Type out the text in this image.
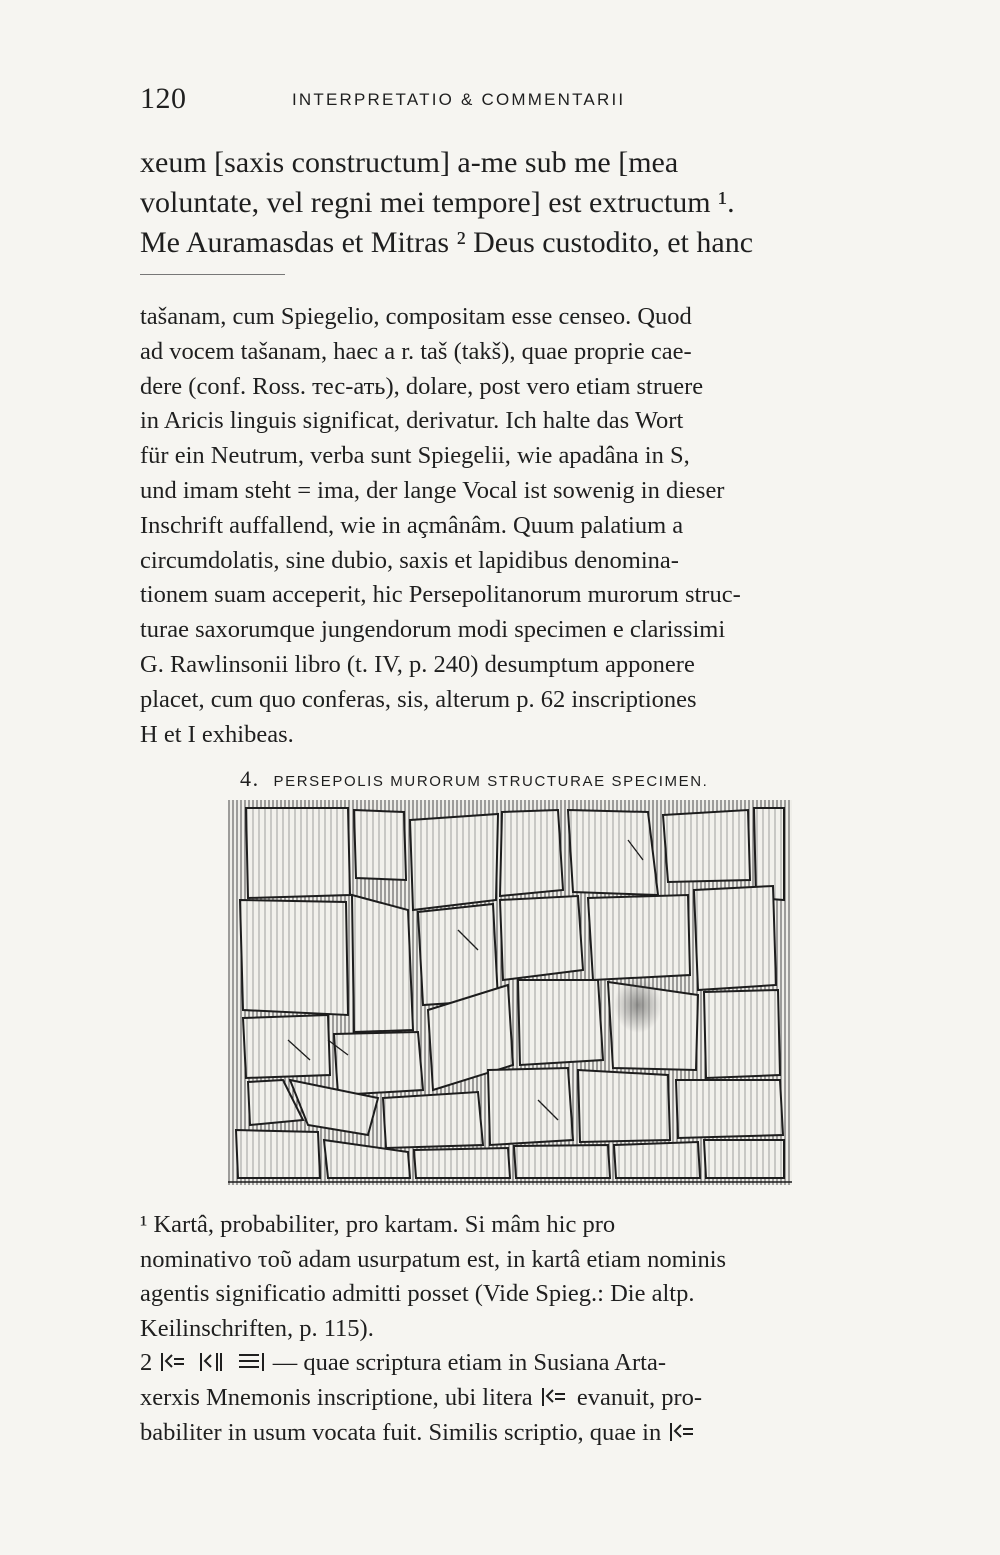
120	INTERPRETATIO & COMMENTARII
xeum [saxis constructum] a-me sub me [mea
voluntate, vel regni mei tempore] est extructum ¹.
Me Auramasdas et Mitras ² Deus custodito, et hanc
tašanam, cum Spiegelio, compositam esse censeo. Quod
ad vocem tašanam, haec a r. taš (takš), quae proprie cae-
dere (conf. Ross. тес-ать), dolare, post vero etiam struere
in Aricis linguis significat, derivatur. Ich halte das Wort
für ein Neutrum, verba sunt Spiegelii, wie apadâna in S,
und imam steht = ima, der lange Vocal ist sowenig in dieser
Inschrift auffallend, wie in açmânâm. Quum palatium a
circumdolatis, sine dubio, saxis et lapidibus denomina-
tionem suam acceperit, hic Persepolitanorum murorum struc-
turae saxorumque jungendorum modi specimen e clarissimi
G. Rawlinsonii libro (t. IV, p. 240) desumptum apponere
placet, cum quo conferas, sis, alterum p. 62 inscriptiones
H et I exhibeas.
4. PERSEPOLIS MURORUM STRUCTURAE SPECIMEN.
¹ Kartâ, probabiliter, pro kartam. Si mâm hic pro
nominativo τοῦ adam usurpatum est, in kartâ etiam nominis
agentis significatio admitti posset (Vide Spieg.: Die altp.
Keilinschriften, p. 115).
2	— quae scriptura etiam in Susiana Arta-
xerxis Mnemonis inscriptione, ubi litera evanuit, pro-
babiliter in usum vocata fuit. Similis scriptio, quae in
